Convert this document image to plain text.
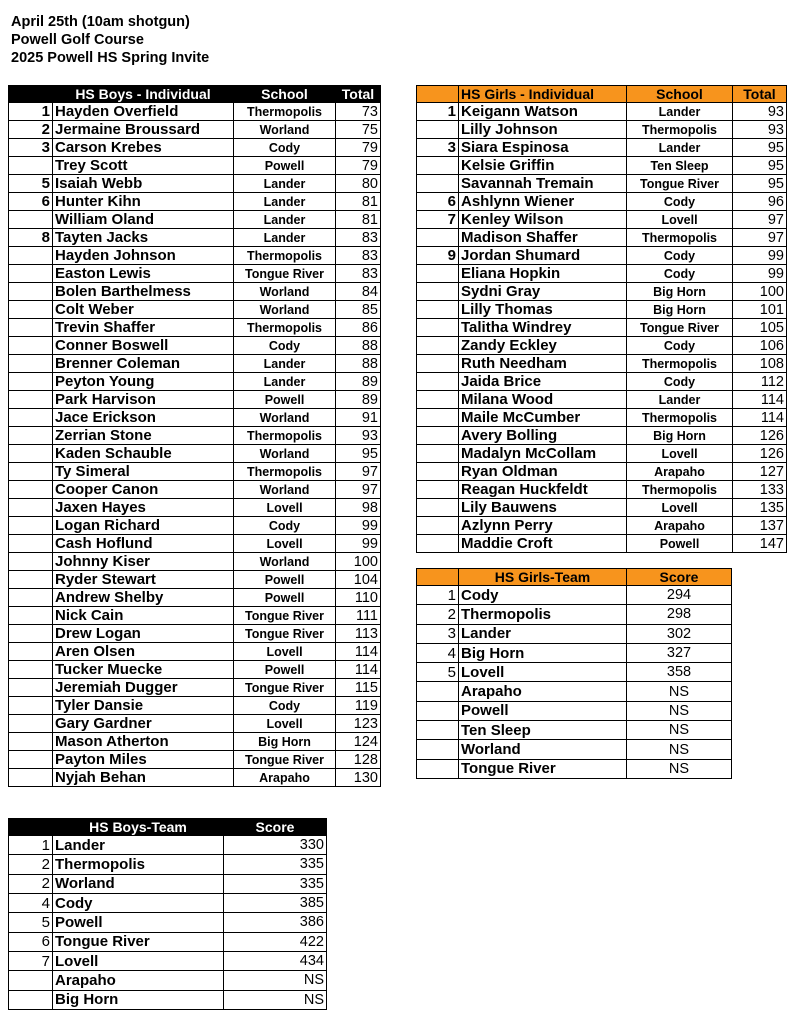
April 25th (10am shotgun)
Powell Golf Course
2025 Powell HS Spring Invite
	HS Boys - Individual	School	Total
1	Hayden Overfield	Thermopolis	73
2	Jermaine Broussard	Worland	75
3	Carson Krebes	Cody	79
	Trey Scott	Powell	79
5	Isaiah Webb	Lander	80
6	Hunter Kihn	Lander	81
	William Oland	Lander	81
8	Tayten Jacks	Lander	83
	Hayden Johnson	Thermopolis	83
	Easton Lewis	Tongue River	83
	Bolen Barthelmess	Worland	84
	Colt Weber	Worland	85
	Trevin Shaffer	Thermopolis	86
	Conner Boswell	Cody	88
	Brenner Coleman	Lander	88
	Peyton Young	Lander	89
	Park Harvison	Powell	89
	Jace Erickson	Worland	91
	Zerrian Stone	Thermopolis	93
	Kaden Schauble	Worland	95
	Ty Simeral	Thermopolis	97
	Cooper Canon	Worland	97
	Jaxen Hayes	Lovell	98
	Logan Richard	Cody	99
	Cash Hoflund	Lovell	99
	Johnny Kiser	Worland	100
	Ryder Stewart	Powell	104
	Andrew Shelby	Powell	110
	Nick Cain	Tongue River	111
	Drew Logan	Tongue River	113
	Aren Olsen	Lovell	114
	Tucker Muecke	Powell	114
	Jeremiah Dugger	Tongue River	115
	Tyler Dansie	Cody	119
	Gary Gardner	Lovell	123
	Mason Atherton	Big Horn	124
	Payton Miles	Tongue River	128
	Nyjah Behan	Arapaho	130
	HS Girls - Individual	School	Total
1	Keigann Watson	Lander	93
	Lilly Johnson	Thermopolis	93
3	Siara Espinosa	Lander	95
	Kelsie Griffin	Ten Sleep	95
	Savannah Tremain	Tongue River	95
6	Ashlynn Wiener	Cody	96
7	Kenley Wilson	Lovell	97
	Madison Shaffer	Thermopolis	97
9	Jordan Shumard	Cody	99
	Eliana Hopkin	Cody	99
	Sydni Gray	Big Horn	100
	Lilly Thomas	Big Horn	101
	Talitha Windrey	Tongue River	105
	Zandy Eckley	Cody	106
	Ruth Needham	Thermopolis	108
	Jaida Brice	Cody	112
	Milana Wood	Lander	114
	Maile McCumber	Thermopolis	114
	Avery Bolling	Big Horn	126
	Madalyn McCollam	Lovell	126
	Ryan Oldman	Arapaho	127
	Reagan Huckfeldt	Thermopolis	133
	Lily Bauwens	Lovell	135
	Azlynn Perry	Arapaho	137
	Maddie Croft	Powell	147
	HS Girls-Team	Score
1	Cody	294
2	Thermopolis	298
3	Lander	302
4	Big Horn	327
5	Lovell	358
	Arapaho	NS
	Powell	NS
	Ten Sleep	NS
	Worland	NS
	Tongue River	NS
	HS Boys-Team	Score
1	Lander	330
2	Thermopolis	335
2	Worland	335
4	Cody	385
5	Powell	386
6	Tongue River	422
7	Lovell	434
	Arapaho	NS
	Big Horn	NS
